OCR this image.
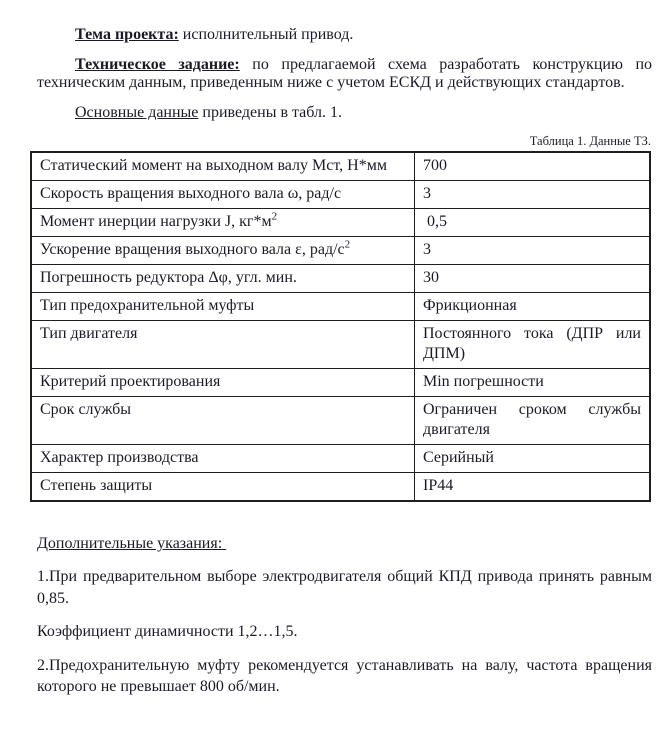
Тема проекта: исполнительный привод.

Техническое задание: по предлагаемой схема разработать конструкцию по техническим данным, приведенным ниже с учетом ЕСКД и действующих стандартов.

Основные данные приведены в табл. 1.

Таблица 1. Данные ТЗ.
Статический момент на выходном валу Мст, Н*мм	700
Скорость вращения выходного вала ω, рад/с	3
Момент инерции нагрузки J, $кг*м^2$	0,5
Ускорение вращения выходного вала ε, рад/$с^2$	3
Погрешность редуктора Δφ, угл. мин.	30
Тип предохранительной муфты	Фрикционная
Тип двигателя	Постоянного тока (ДПР или ДПМ)
Критерий проектирования	Min погрешности
Срок службы	Ограничен сроком службы двигателя
Характер производства	Серийный
Степень защиты	IP44

Дополнительные указания:

1.При предварительном выборе электродвигателя общий КПД привода принять равным 0,85.

Коэффициент динамичности 1,2…1,5.

2.Предохранительную муфту рекомендуется устанавливать на валу, частота вращения которого не превышает 800 об/мин.
